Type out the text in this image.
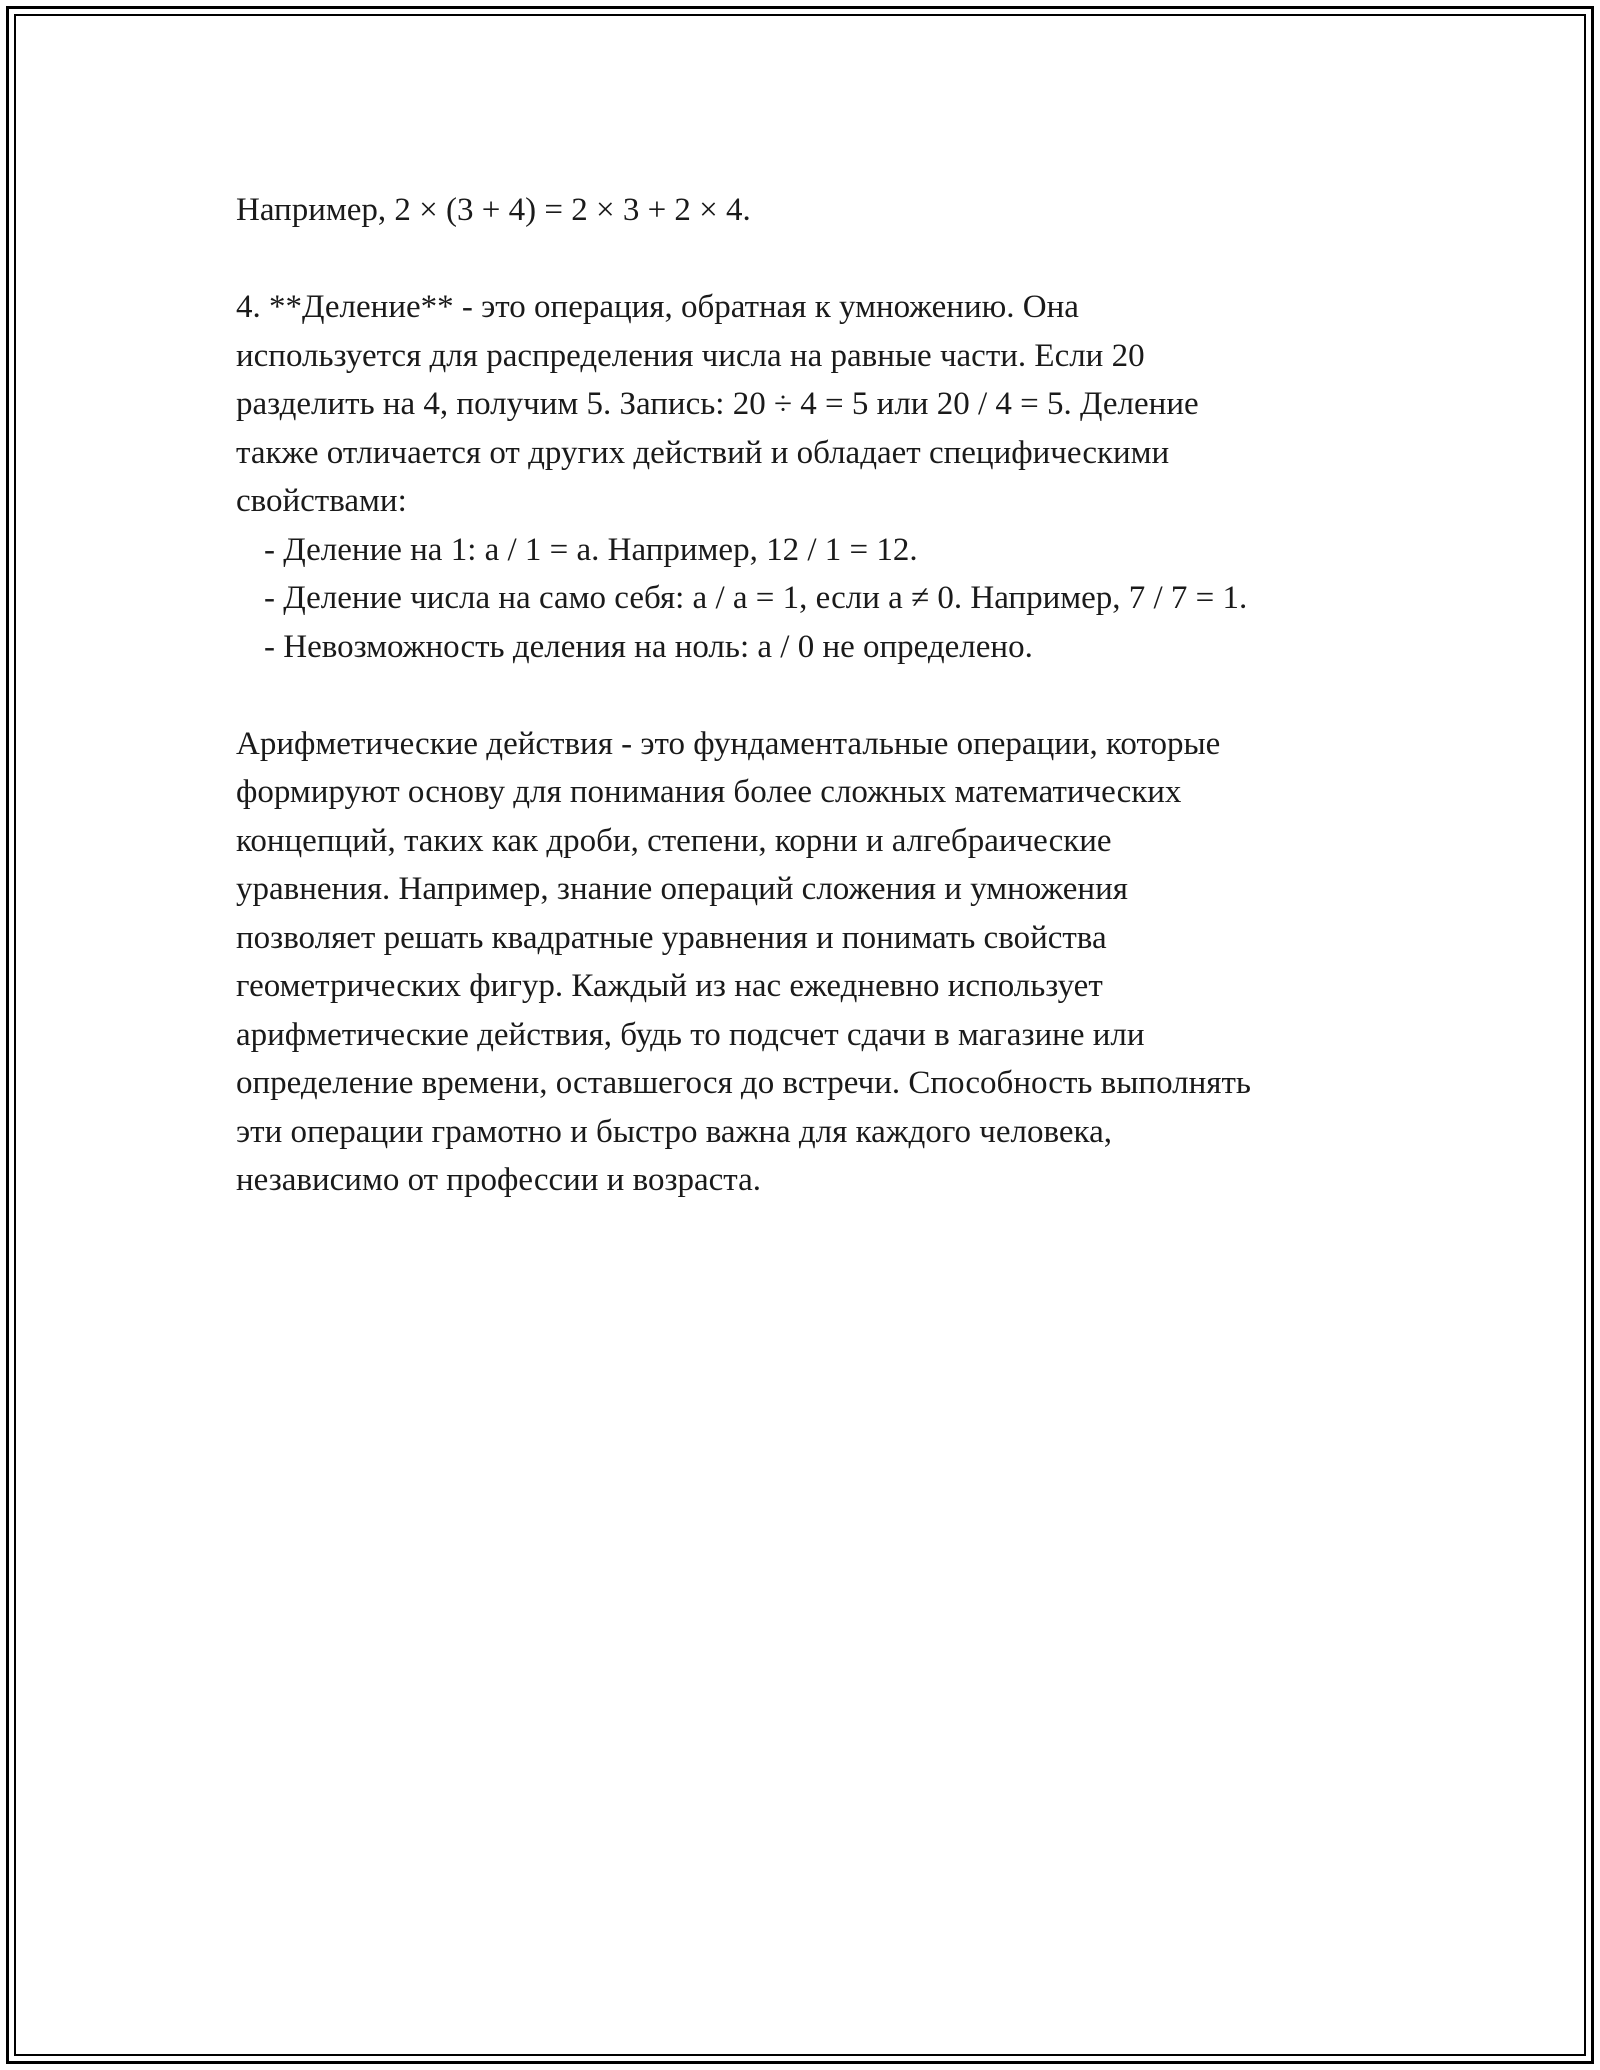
Например, 2 × (3 + 4) = 2 × 3 + 2 × 4.
4. **Деление** - это операция, обратная к умножению. Она
используется для распределения числа на равные части. Если 20
разделить на 4, получим 5. Запись: 20 ÷ 4 = 5 или 20 / 4 = 5. Деление
также отличается от других действий и обладает специфическими
свойствами:
- Деление на 1: a / 1 = a. Например, 12 / 1 = 12.
- Деление числа на само себя: a / a = 1, если a ≠ 0. Например, 7 / 7 = 1.
- Невозможность деления на ноль: a / 0 не определено.
Арифметические действия - это фундаментальные операции, которые
формируют основу для понимания более сложных математических
концепций, таких как дроби, степени, корни и алгебраические
уравнения. Например, знание операций сложения и умножения
позволяет решать квадратные уравнения и понимать свойства
геометрических фигур. Каждый из нас ежедневно использует
арифметические действия, будь то подсчет сдачи в магазине или
определение времени, оставшегося до встречи. Способность выполнять
эти операции грамотно и быстро важна для каждого человека,
независимо от профессии и возраста.
